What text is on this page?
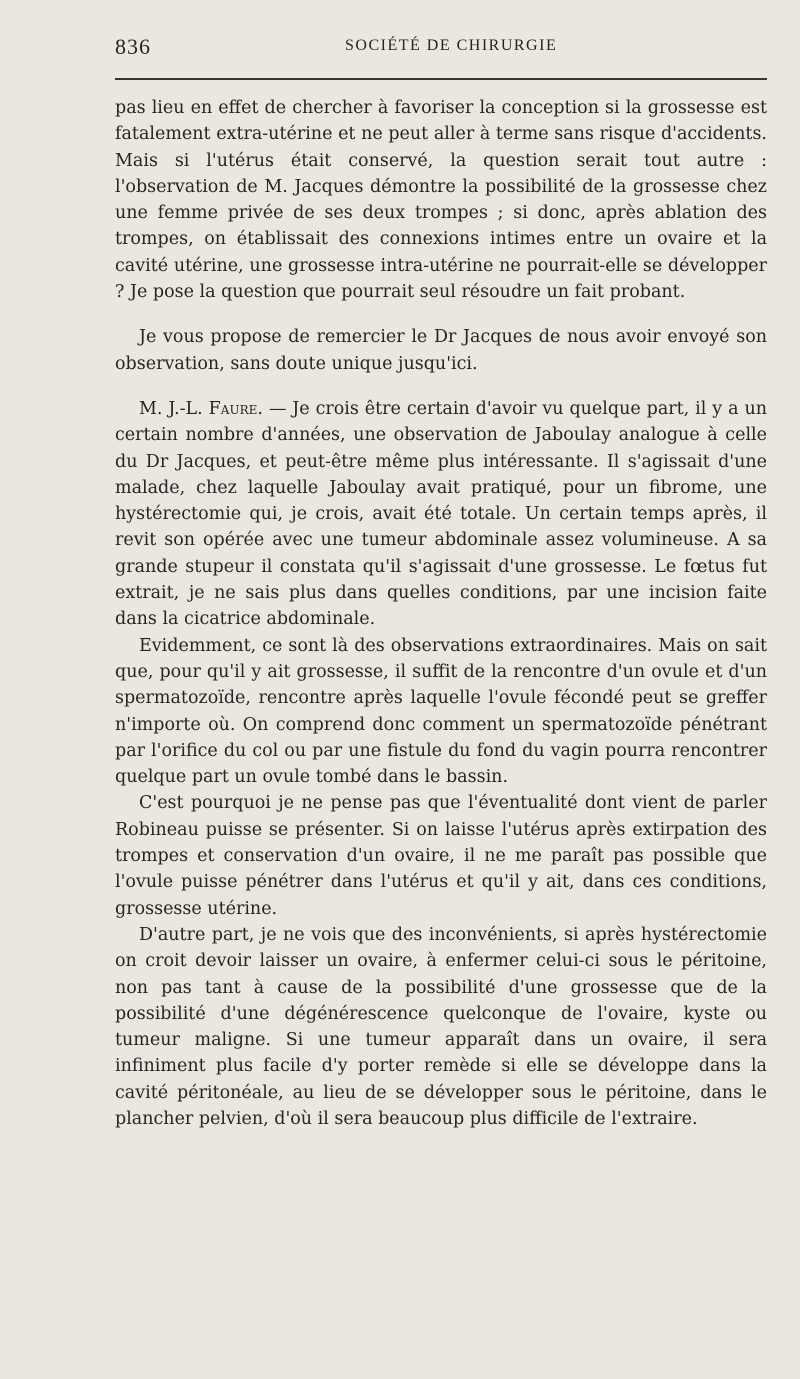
836	SOCIÉTÉ DE CHIRURGIE

pas lieu en effet de chercher à favoriser la conception si la grossesse est fatalement extra-utérine et ne peut aller à terme sans risque d'accidents. Mais si l'utérus était conservé, la question serait tout autre : l'observation de M. Jacques démontre la possibilité de la grossesse chez une femme privée de ses deux trompes ; si donc, après ablation des trompes, on établissait des connexions intimes entre un ovaire et la cavité utérine, une grossesse intra-utérine ne pourrait-elle se développer ? Je pose la question que pourrait seul résoudre un fait probant.

Je vous propose de remercier le Dr Jacques de nous avoir envoyé son observation, sans doute unique jusqu'ici.

M. J.-L. Faure. — Je crois être certain d'avoir vu quelque part, il y a un certain nombre d'années, une observation de Jaboulay analogue à celle du Dr Jacques, et peut-être même plus intéressante. Il s'agissait d'une malade, chez laquelle Jaboulay avait pratiqué, pour un fibrome, une hystérectomie qui, je crois, avait été totale. Un certain temps après, il revit son opérée avec une tumeur abdominale assez volumineuse. A sa grande stupeur il constata qu'il s'agissait d'une grossesse. Le fœtus fut extrait, je ne sais plus dans quelles conditions, par une incision faite dans la cicatrice abdominale.

Evidemment, ce sont là des observations extraordinaires. Mais on sait que, pour qu'il y ait grossesse, il suffit de la rencontre d'un ovule et d'un spermatozoïde, rencontre après laquelle l'ovule fécondé peut se greffer n'importe où. On comprend donc comment un spermatozoïde pénétrant par l'orifice du col ou par une fistule du fond du vagin pourra rencontrer quelque part un ovule tombé dans le bassin.

C'est pourquoi je ne pense pas que l'éventualité dont vient de parler Robineau puisse se présenter. Si on laisse l'utérus après extirpation des trompes et conservation d'un ovaire, il ne me paraît pas possible que l'ovule puisse pénétrer dans l'utérus et qu'il y ait, dans ces conditions, grossesse utérine.

D'autre part, je ne vois que des inconvénients, si après hystérectomie on croit devoir laisser un ovaire, à enfermer celui-ci sous le péritoine, non pas tant à cause de la possibilité d'une grossesse que de la possibilité d'une dégénérescence quelconque de l'ovaire, kyste ou tumeur maligne. Si une tumeur apparaît dans un ovaire, il sera infiniment plus facile d'y porter remède si elle se développe dans la cavité péritonéale, au lieu de se développer sous le péritoine, dans le plancher pelvien, d'où il sera beaucoup plus difficile de l'extraire.
